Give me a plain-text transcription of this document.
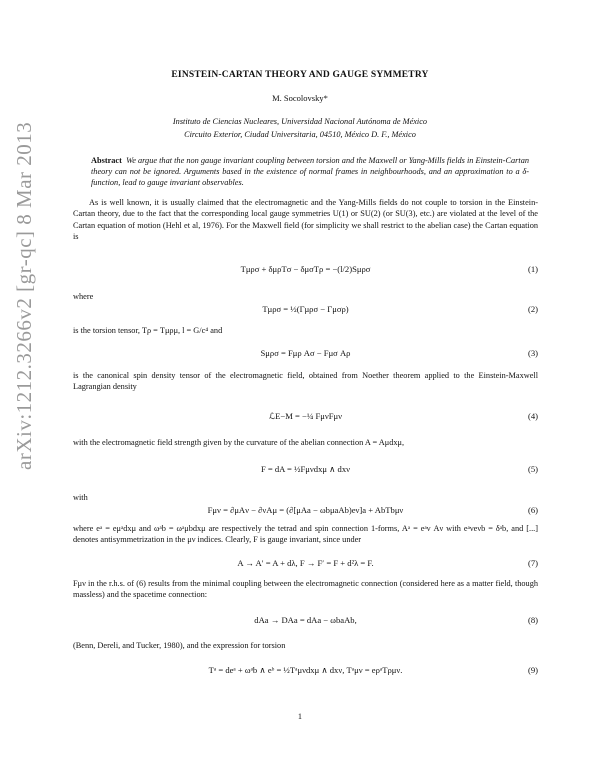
arXiv:1212.3266v2 [gr-qc] 8 Mar 2013
EINSTEIN-CARTAN THEORY AND GAUGE SYMMETRY
M. Socolovsky*
Instituto de Ciencias Nucleares, Universidad Nacional Autónoma de México
Circuito Exterior, Ciudad Universitaria, 04510, México D. F., México
Abstract We argue that the non gauge invariant coupling between torsion and the Maxwell or Yang-Mills fields in Einstein-Cartan theory can not be ignored. Arguments based in the existence of normal frames in neighbourhoods, and an approximation to a δ-function, lead to gauge invariant observables.
As is well known, it is usually claimed that the electromagnetic and the Yang-Mills fields do not couple to torsion in the Einstein-Cartan theory, due to the fact that the corresponding local gauge symmetries U(1) or SU(2) (or SU(3), etc.) are violated at the level of the Cartan equation of motion (Hehl et al, 1976). For the Maxwell field (for simplicity we shall restrict to the abelian case) the Cartan equation is
Tμρσ + δμρTσ − δμσTρ = −(l/2)Sμρσ	(1)
where
Tμρσ = ½(Γμρσ − Γμσρ)	(2)
is the torsion tensor, Tρ = Tμρμ, l = G/c⁴ and
Sμρσ = Fμρ Aσ − Fμσ Aρ	(3)
is the canonical spin density tensor of the electromagnetic field, obtained from Noether theorem applied to the Einstein-Maxwell Lagrangian density
ℒE−M = −¼ FμνFμν	(4)
with the electromagnetic field strength given by the curvature of the abelian connection A = Aμdxμ,
F = dA = ½Fμνdxμ ∧ dxν	(5)
with
Fμν = ∂μAν − ∂νAμ = (∂[μAa − ωbμaAb)eν]a + AbTbμν	(6)
where eᵃ = eμᵃdxμ and ωᵃb = ωᵃμbdxμ are respectively the tetrad and spin connection 1-forms, Aᵃ = eᵃν Aν with eᵃνeνb = δᵃb, and [...] denotes antisymmetrization in the μν indices. Clearly, F is gauge invariant, since under
A → A′ = A + dλ, F → F′ = F + d²λ = F.	(7)
Fμν in the r.h.s. of (6) results from the minimal coupling between the electromagnetic connection (considered here as a matter field, though massless) and the spacetime connection:
dAa → DAa = dAa − ωbaAb,	(8)
(Benn, Dereli, and Tucker, 1980), and the expression for torsion
Tᵃ = deᵃ + ωᵃb ∧ eᵇ = ½Tᵃμνdxμ ∧ dxν, Tᵃμν = eρᵃTρμν.	(9)
1
